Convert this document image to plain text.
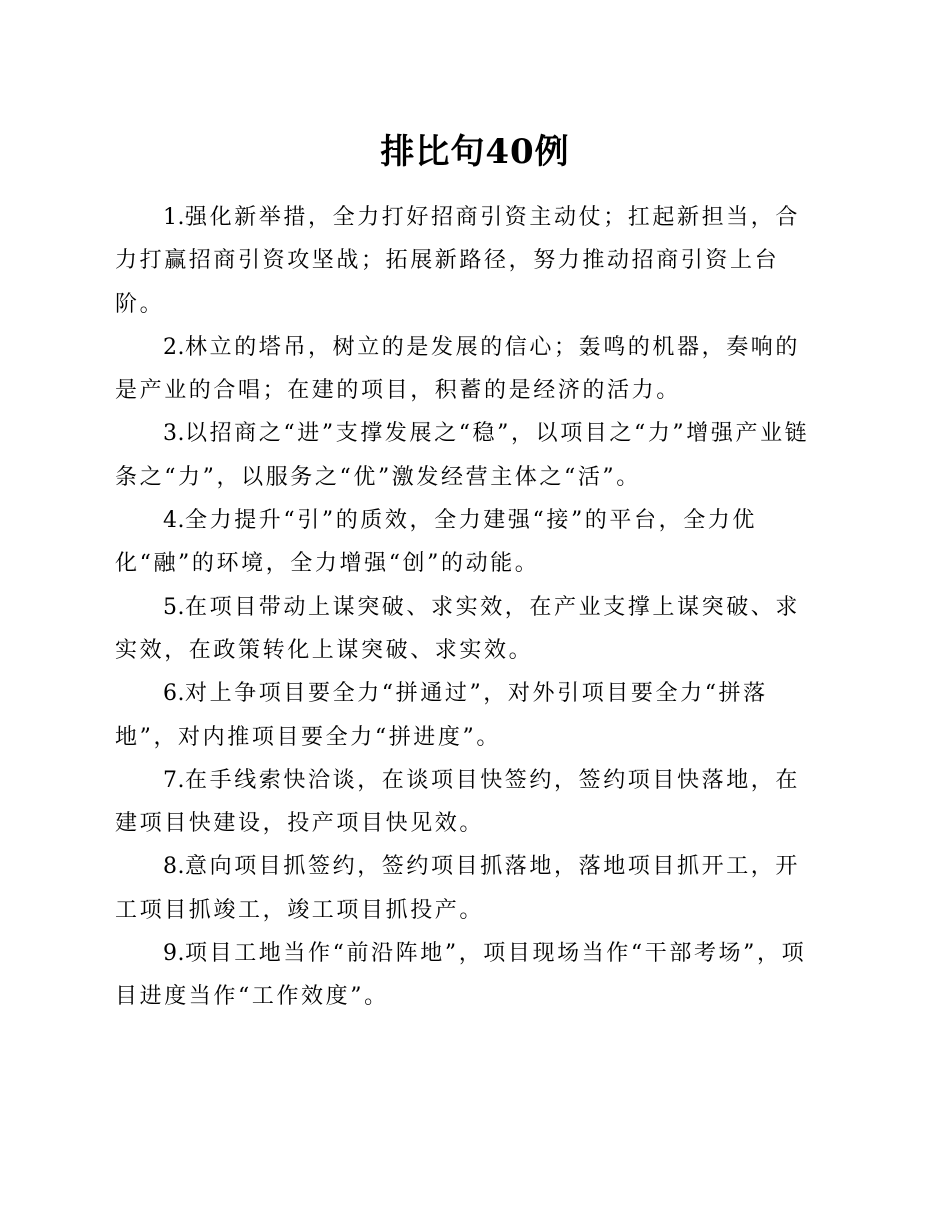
排比句40例

1.强化新举措，全力打好招商引资主动仗；扛起新担当，合力打赢招商引资攻坚战；拓展新路径，努力推动招商引资上台阶。

2.林立的塔吊，树立的是发展的信心；轰鸣的机器，奏响的是产业的合唱；在建的项目，积蓄的是经济的活力。

3.以招商之“进”支撑发展之“稳”，以项目之“力”增强产业链条之“力”，以服务之“优”激发经营主体之“活”。

4.全力提升“引”的质效，全力建强“接”的平台，全力优化“融”的环境，全力增强“创”的动能。

5.在项目带动上谋突破、求实效，在产业支撑上谋突破、求实效，在政策转化上谋突破、求实效。

6.对上争项目要全力“拼通过”，对外引项目要全力“拼落地”，对内推项目要全力“拼进度”。

7.在手线索快洽谈，在谈项目快签约，签约项目快落地，在建项目快建设，投产项目快见效。

8.意向项目抓签约，签约项目抓落地，落地项目抓开工，开工项目抓竣工，竣工项目抓投产。

9.项目工地当作“前沿阵地”，项目现场当作“干部考场”，项目进度当作“工作效度”。
